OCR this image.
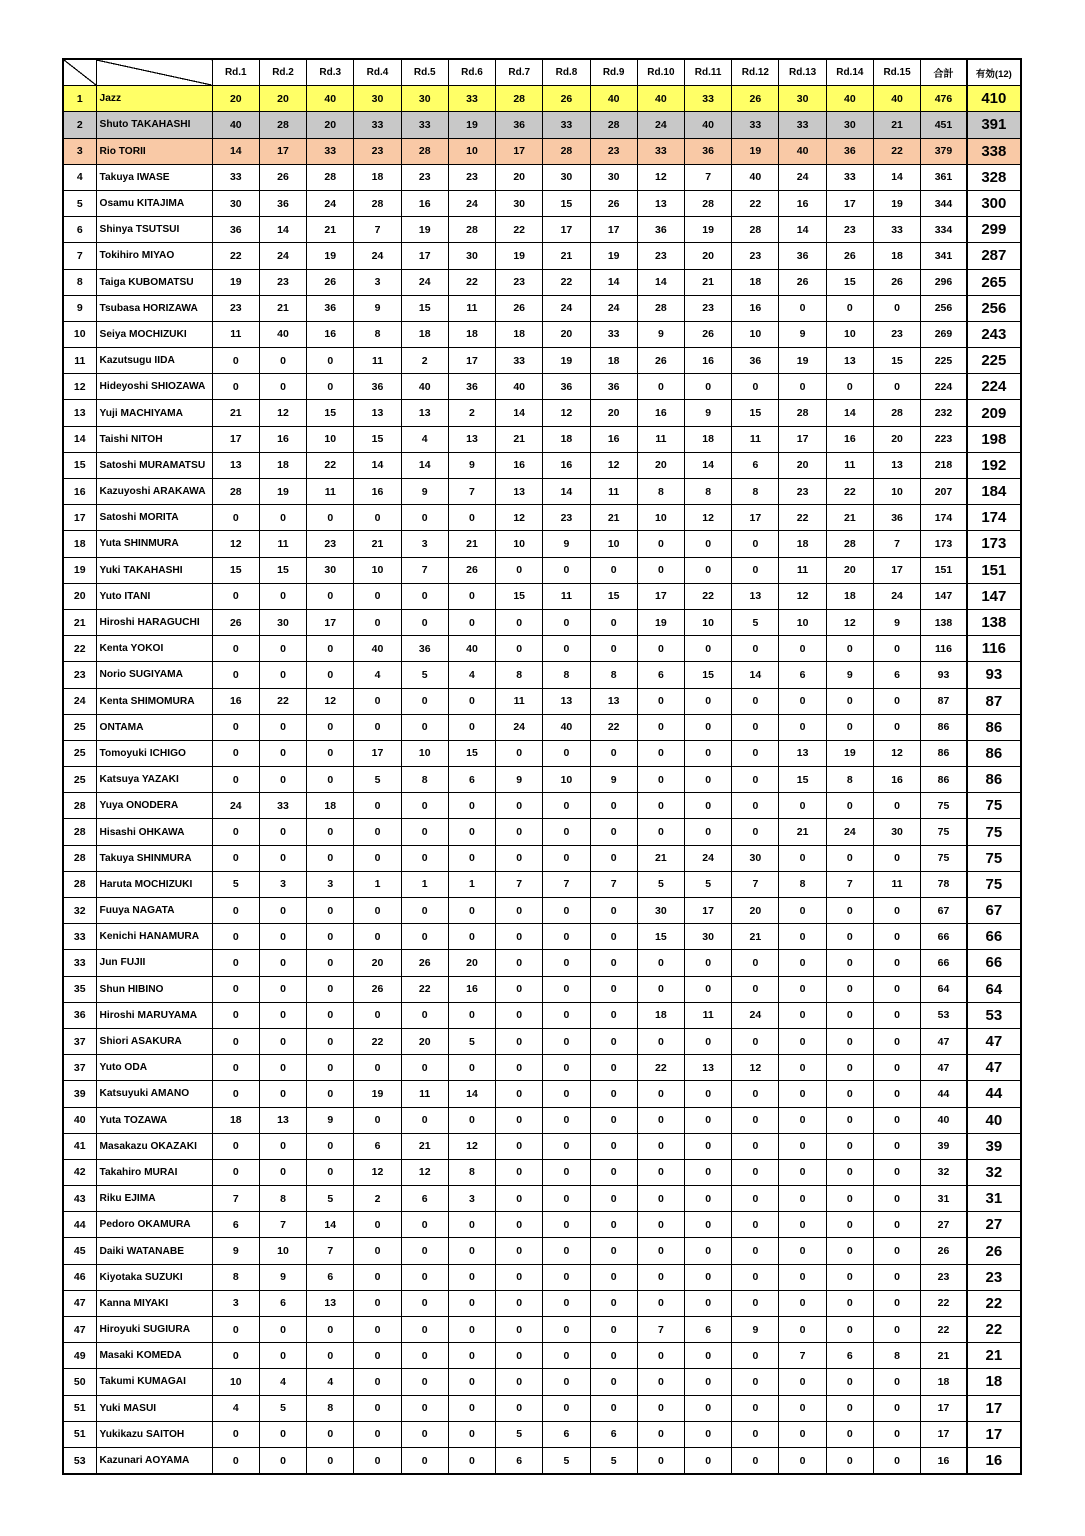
		Rd.1	Rd.2	Rd.3	Rd.4	Rd.5	Rd.6	Rd.7	Rd.8	Rd.9	Rd.10	Rd.11	Rd.12	Rd.13	Rd.14	Rd.15	合計	有効(12)
1	Jazz	20	20	40	30	30	33	28	26	40	40	33	26	30	40	40	476	410
2	Shuto TAKAHASHI	40	28	20	33	33	19	36	33	28	24	40	33	33	30	21	451	391
3	Rio TORII	14	17	33	23	28	10	17	28	23	33	36	19	40	36	22	379	338
4	Takuya IWASE	33	26	28	18	23	23	20	30	30	12	7	40	24	33	14	361	328
5	Osamu KITAJIMA	30	36	24	28	16	24	30	15	26	13	28	22	16	17	19	344	300
6	Shinya TSUTSUI	36	14	21	7	19	28	22	17	17	36	19	28	14	23	33	334	299
7	Tokihiro MIYAO	22	24	19	24	17	30	19	21	19	23	20	23	36	26	18	341	287
8	Taiga KUBOMATSU	19	23	26	3	24	22	23	22	14	14	21	18	26	15	26	296	265
9	Tsubasa HORIZAWA	23	21	36	9	15	11	26	24	24	28	23	16	0	0	0	256	256
10	Seiya MOCHIZUKI	11	40	16	8	18	18	18	20	33	9	26	10	9	10	23	269	243
11	Kazutsugu IIDA	0	0	0	11	2	17	33	19	18	26	16	36	19	13	15	225	225
12	Hideyoshi SHIOZAWA	0	0	0	36	40	36	40	36	36	0	0	0	0	0	0	224	224
13	Yuji MACHIYAMA	21	12	15	13	13	2	14	12	20	16	9	15	28	14	28	232	209
14	Taishi NITOH	17	16	10	15	4	13	21	18	16	11	18	11	17	16	20	223	198
15	Satoshi MURAMATSU	13	18	22	14	14	9	16	16	12	20	14	6	20	11	13	218	192
16	Kazuyoshi ARAKAWA	28	19	11	16	9	7	13	14	11	8	8	8	23	22	10	207	184
17	Satoshi MORITA	0	0	0	0	0	0	12	23	21	10	12	17	22	21	36	174	174
18	Yuta SHINMURA	12	11	23	21	3	21	10	9	10	0	0	0	18	28	7	173	173
19	Yuki TAKAHASHI	15	15	30	10	7	26	0	0	0	0	0	0	11	20	17	151	151
20	Yuto ITANI	0	0	0	0	0	0	15	11	15	17	22	13	12	18	24	147	147
21	Hiroshi HARAGUCHI	26	30	17	0	0	0	0	0	0	19	10	5	10	12	9	138	138
22	Kenta YOKOI	0	0	0	40	36	40	0	0	0	0	0	0	0	0	0	116	116
23	Norio SUGIYAMA	0	0	0	4	5	4	8	8	8	6	15	14	6	9	6	93	93
24	Kenta SHIMOMURA	16	22	12	0	0	0	11	13	13	0	0	0	0	0	0	87	87
25	ONTAMA	0	0	0	0	0	0	24	40	22	0	0	0	0	0	0	86	86
25	Tomoyuki ICHIGO	0	0	0	17	10	15	0	0	0	0	0	0	13	19	12	86	86
25	Katsuya YAZAKI	0	0	0	5	8	6	9	10	9	0	0	0	15	8	16	86	86
28	Yuya ONODERA	24	33	18	0	0	0	0	0	0	0	0	0	0	0	0	75	75
28	Hisashi OHKAWA	0	0	0	0	0	0	0	0	0	0	0	0	21	24	30	75	75
28	Takuya SHINMURA	0	0	0	0	0	0	0	0	0	21	24	30	0	0	0	75	75
28	Haruta MOCHIZUKI	5	3	3	1	1	1	7	7	7	5	5	7	8	7	11	78	75
32	Fuuya NAGATA	0	0	0	0	0	0	0	0	0	30	17	20	0	0	0	67	67
33	Kenichi HANAMURA	0	0	0	0	0	0	0	0	0	15	30	21	0	0	0	66	66
33	Jun FUJII	0	0	0	20	26	20	0	0	0	0	0	0	0	0	0	66	66
35	Shun HIBINO	0	0	0	26	22	16	0	0	0	0	0	0	0	0	0	64	64
36	Hiroshi MARUYAMA	0	0	0	0	0	0	0	0	0	18	11	24	0	0	0	53	53
37	Shiori ASAKURA	0	0	0	22	20	5	0	0	0	0	0	0	0	0	0	47	47
37	Yuto ODA	0	0	0	0	0	0	0	0	0	22	13	12	0	0	0	47	47
39	Katsuyuki AMANO	0	0	0	19	11	14	0	0	0	0	0	0	0	0	0	44	44
40	Yuta TOZAWA	18	13	9	0	0	0	0	0	0	0	0	0	0	0	0	40	40
41	Masakazu OKAZAKI	0	0	0	6	21	12	0	0	0	0	0	0	0	0	0	39	39
42	Takahiro MURAI	0	0	0	12	12	8	0	0	0	0	0	0	0	0	0	32	32
43	Riku EJIMA	7	8	5	2	6	3	0	0	0	0	0	0	0	0	0	31	31
44	Pedoro OKAMURA	6	7	14	0	0	0	0	0	0	0	0	0	0	0	0	27	27
45	Daiki WATANABE	9	10	7	0	0	0	0	0	0	0	0	0	0	0	0	26	26
46	Kiyotaka SUZUKI	8	9	6	0	0	0	0	0	0	0	0	0	0	0	0	23	23
47	Kanna MIYAKI	3	6	13	0	0	0	0	0	0	0	0	0	0	0	0	22	22
47	Hiroyuki SUGIURA	0	0	0	0	0	0	0	0	0	7	6	9	0	0	0	22	22
49	Masaki KOMEDA	0	0	0	0	0	0	0	0	0	0	0	0	7	6	8	21	21
50	Takumi KUMAGAI	10	4	4	0	0	0	0	0	0	0	0	0	0	0	0	18	18
51	Yuki MASUI	4	5	8	0	0	0	0	0	0	0	0	0	0	0	0	17	17
51	Yukikazu SAITOH	0	0	0	0	0	0	5	6	6	0	0	0	0	0	0	17	17
53	Kazunari AOYAMA	0	0	0	0	0	0	6	5	5	0	0	0	0	0	0	16	16
